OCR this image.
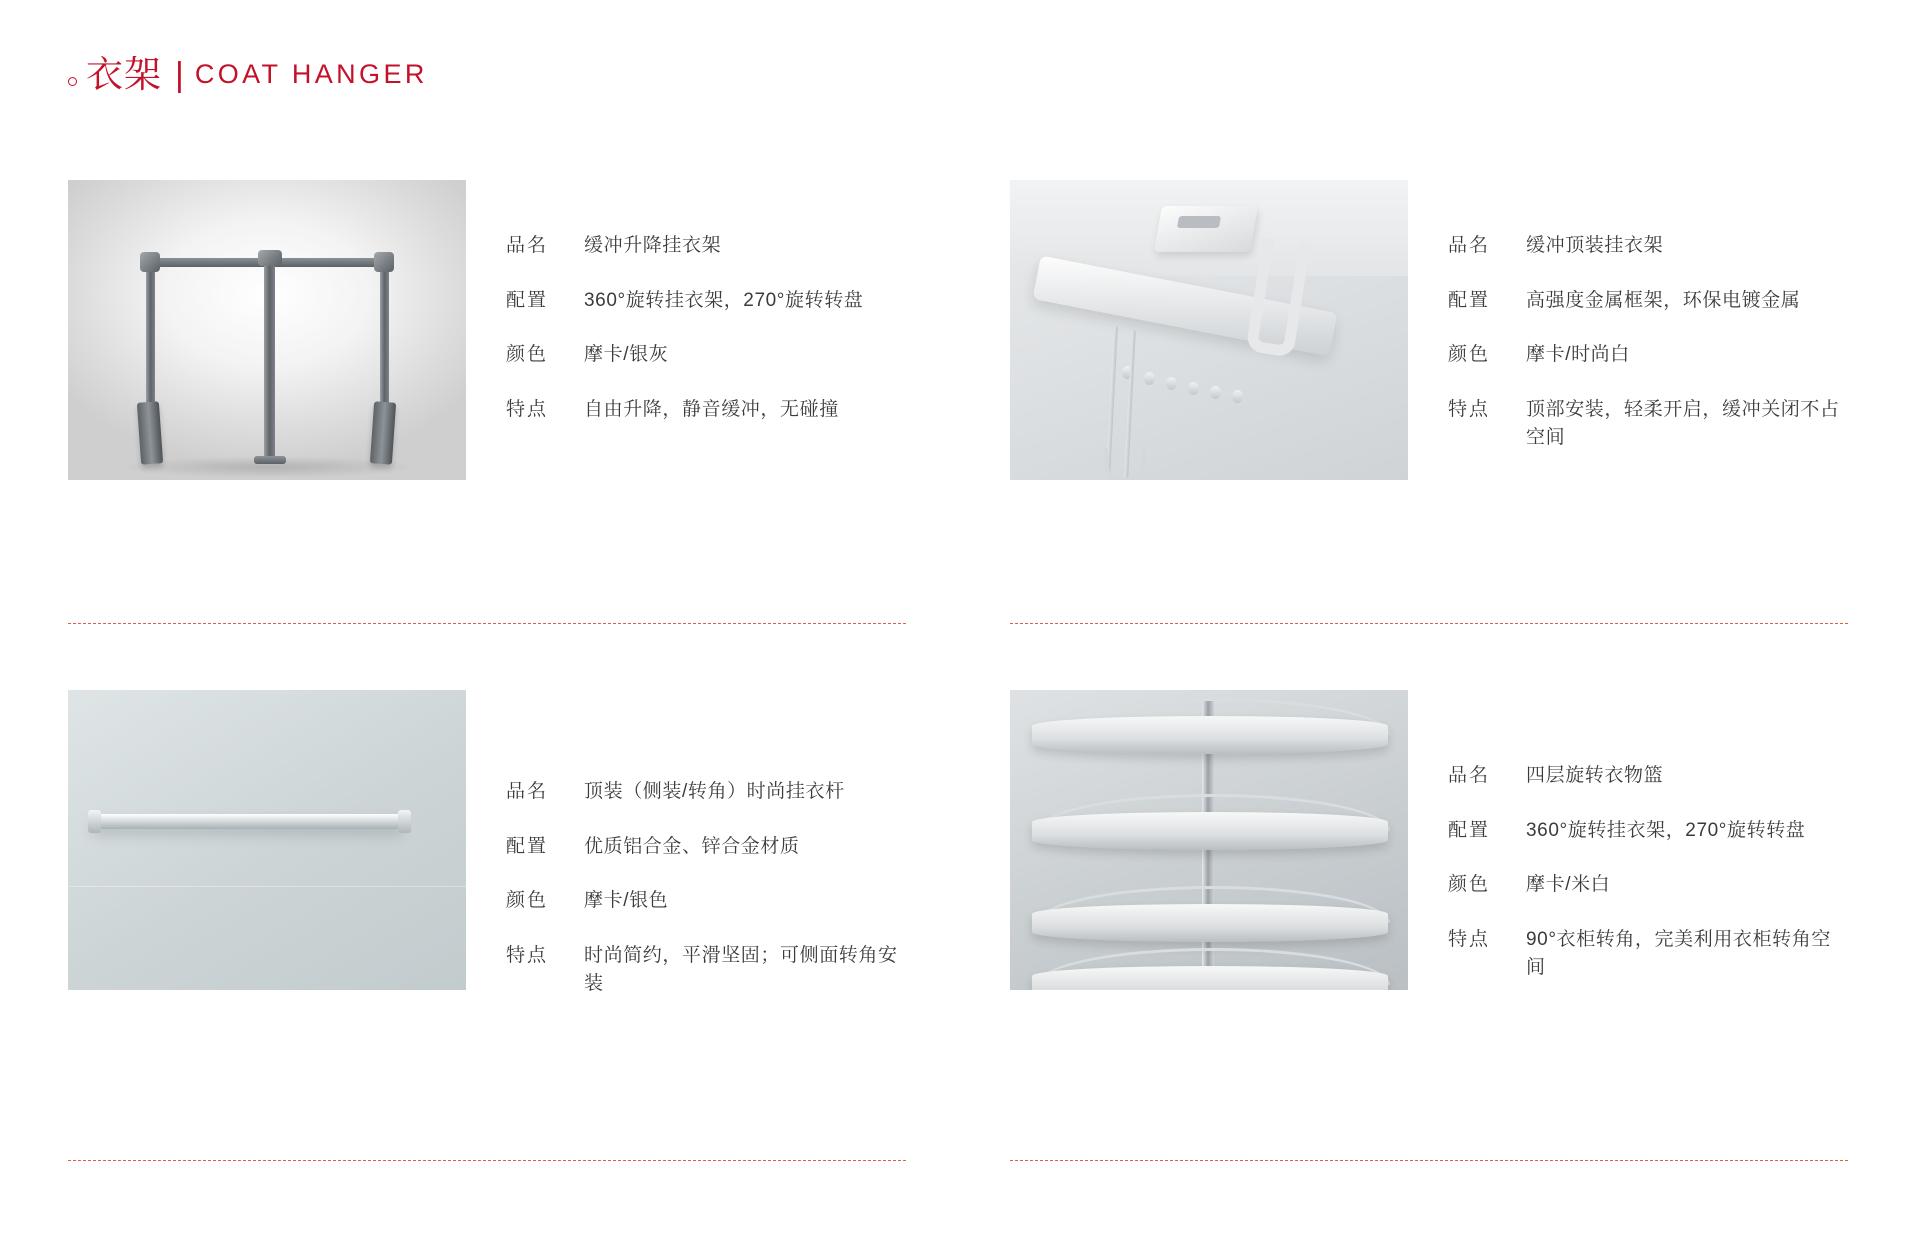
衣架 | COAT HANGER
品名	缓冲升降挂衣架
配置	360°旋转挂衣架，270°旋转转盘
颜色	摩卡/银灰
特点	自由升降，静音缓冲，无碰撞
品名	缓冲顶装挂衣架
配置	高强度金属框架，环保电镀金属
颜色	摩卡/时尚白
特点	顶部安装，轻柔开启，缓冲关闭不占空间
品名	顶装（侧装/转角）时尚挂衣杆
配置	优质铝合金、锌合金材质
颜色	摩卡/银色
特点	时尚简约，平滑坚固；可侧面转角安装
品名	四层旋转衣物篮
配置	360°旋转挂衣架，270°旋转转盘
颜色	摩卡/米白
特点	90°衣柜转角，完美利用衣柜转角空间
